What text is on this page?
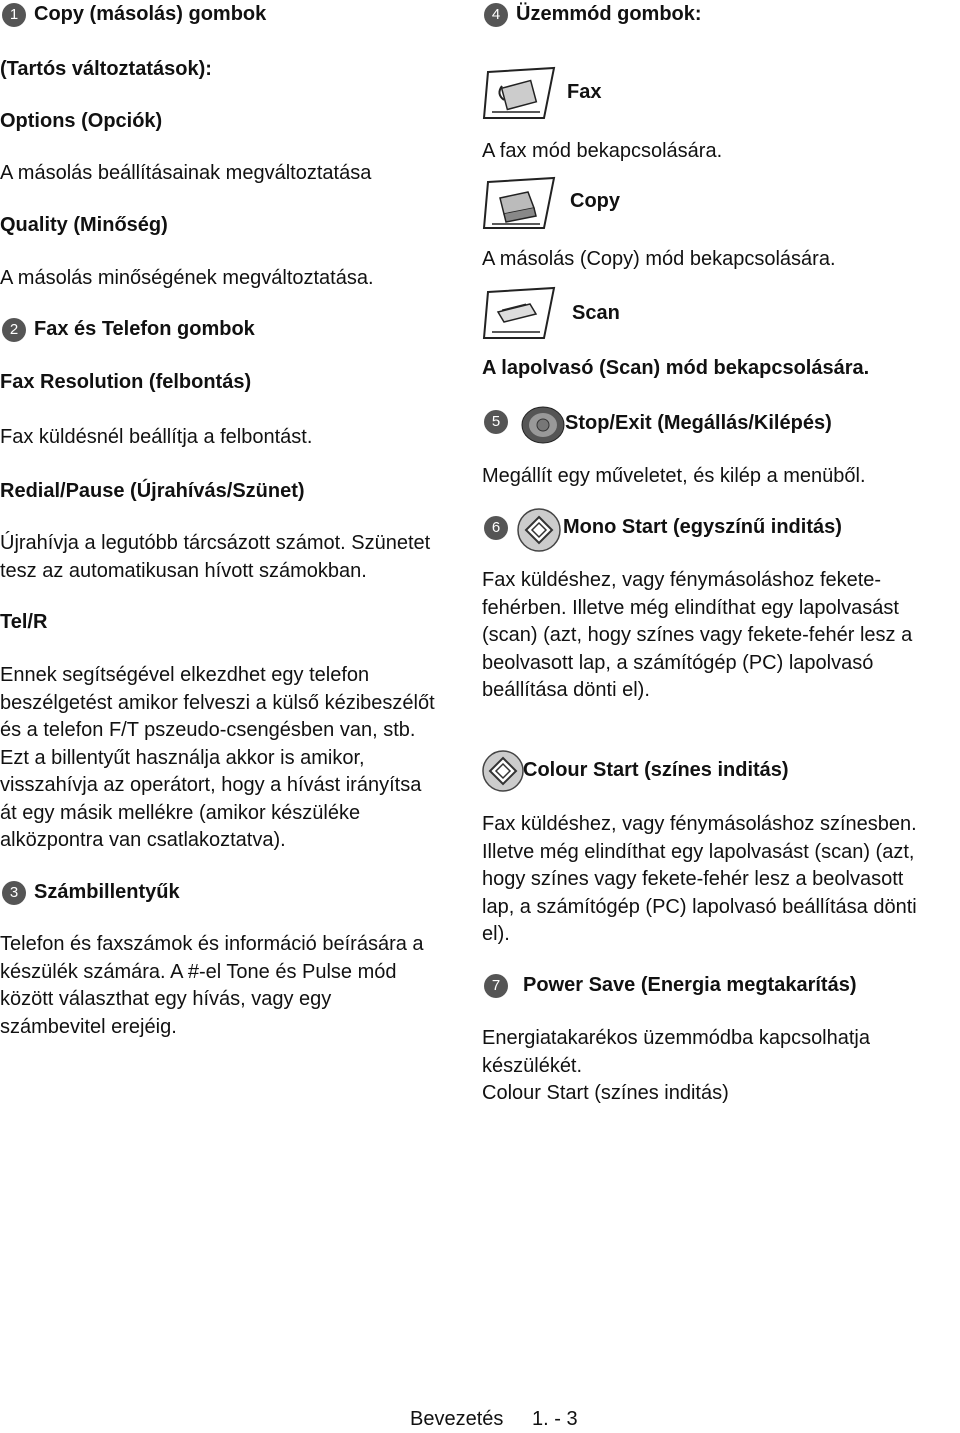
1 Copy (másolás) gombok
(Tartós változtatások):
Options (Opciók)
A másolás beállításainak megváltoztatása
Quality (Minőség)
A másolás minőségének megváltoztatása.
2 Fax és Telefon gombok
Fax Resolution (felbontás)
Fax küldésnél beállítja a felbontást.
Redial/Pause (Újrahívás/Szünet)
Újrahívja a legutóbb tárcsázott számot. Szünetet
tesz az automatikusan hívott számokban.
Tel/R
Ennek segítségével elkezdhet egy telefon
beszélgetést amikor felveszi a külső kézibeszélőt
és a telefon F/T pszeudo-csengésben van, stb.
Ezt a billentyűt használja akkor is amikor,
visszahívja az operátort, hogy a hívást irányítsa
át egy másik mellékre (amikor készüléke
alközpontra van csatlakoztatva).
3 Számbillentyűk
Telefon és faxszámok és információ beírására a
készülék számára. A #-el Tone és Pulse mód
között választhat egy hívás, vagy egy
számbevitel erejéig.
4 Üzemmód gombok:
Fax
A fax mód bekapcsolására.
Copy
A másolás (Copy) mód bekapcsolására.
Scan
A lapolvasó (Scan) mód bekapcsolására.
5	Stop/Exit (Megállás/Kilépés)
Megállít egy műveletet, és kilép a menüből.
6	Mono Start (egyszínű inditás)
Fax küldéshez, vagy fénymásoláshoz fekete-
fehérben. Illetve még elindíthat egy lapolvasást
(scan) (azt, hogy színes vagy fekete-fehér lesz a
beolvasott lap, a számítógép (PC) lapolvasó
beállítása dönti el).
Colour Start (színes inditás)
Fax küldéshez, vagy fénymásoláshoz színesben.
Illetve még elindíthat egy lapolvasást (scan) (azt,
hogy színes vagy fekete-fehér lesz a beolvasott
lap, a számítógép (PC) lapolvasó beállítása dönti
el).
7	Power Save (Energia megtakarítás)
Energiatakarékos üzemmódba kapcsolhatja
készülékét.
Colour Start (színes inditás)
Bevezetés 1. - 3
